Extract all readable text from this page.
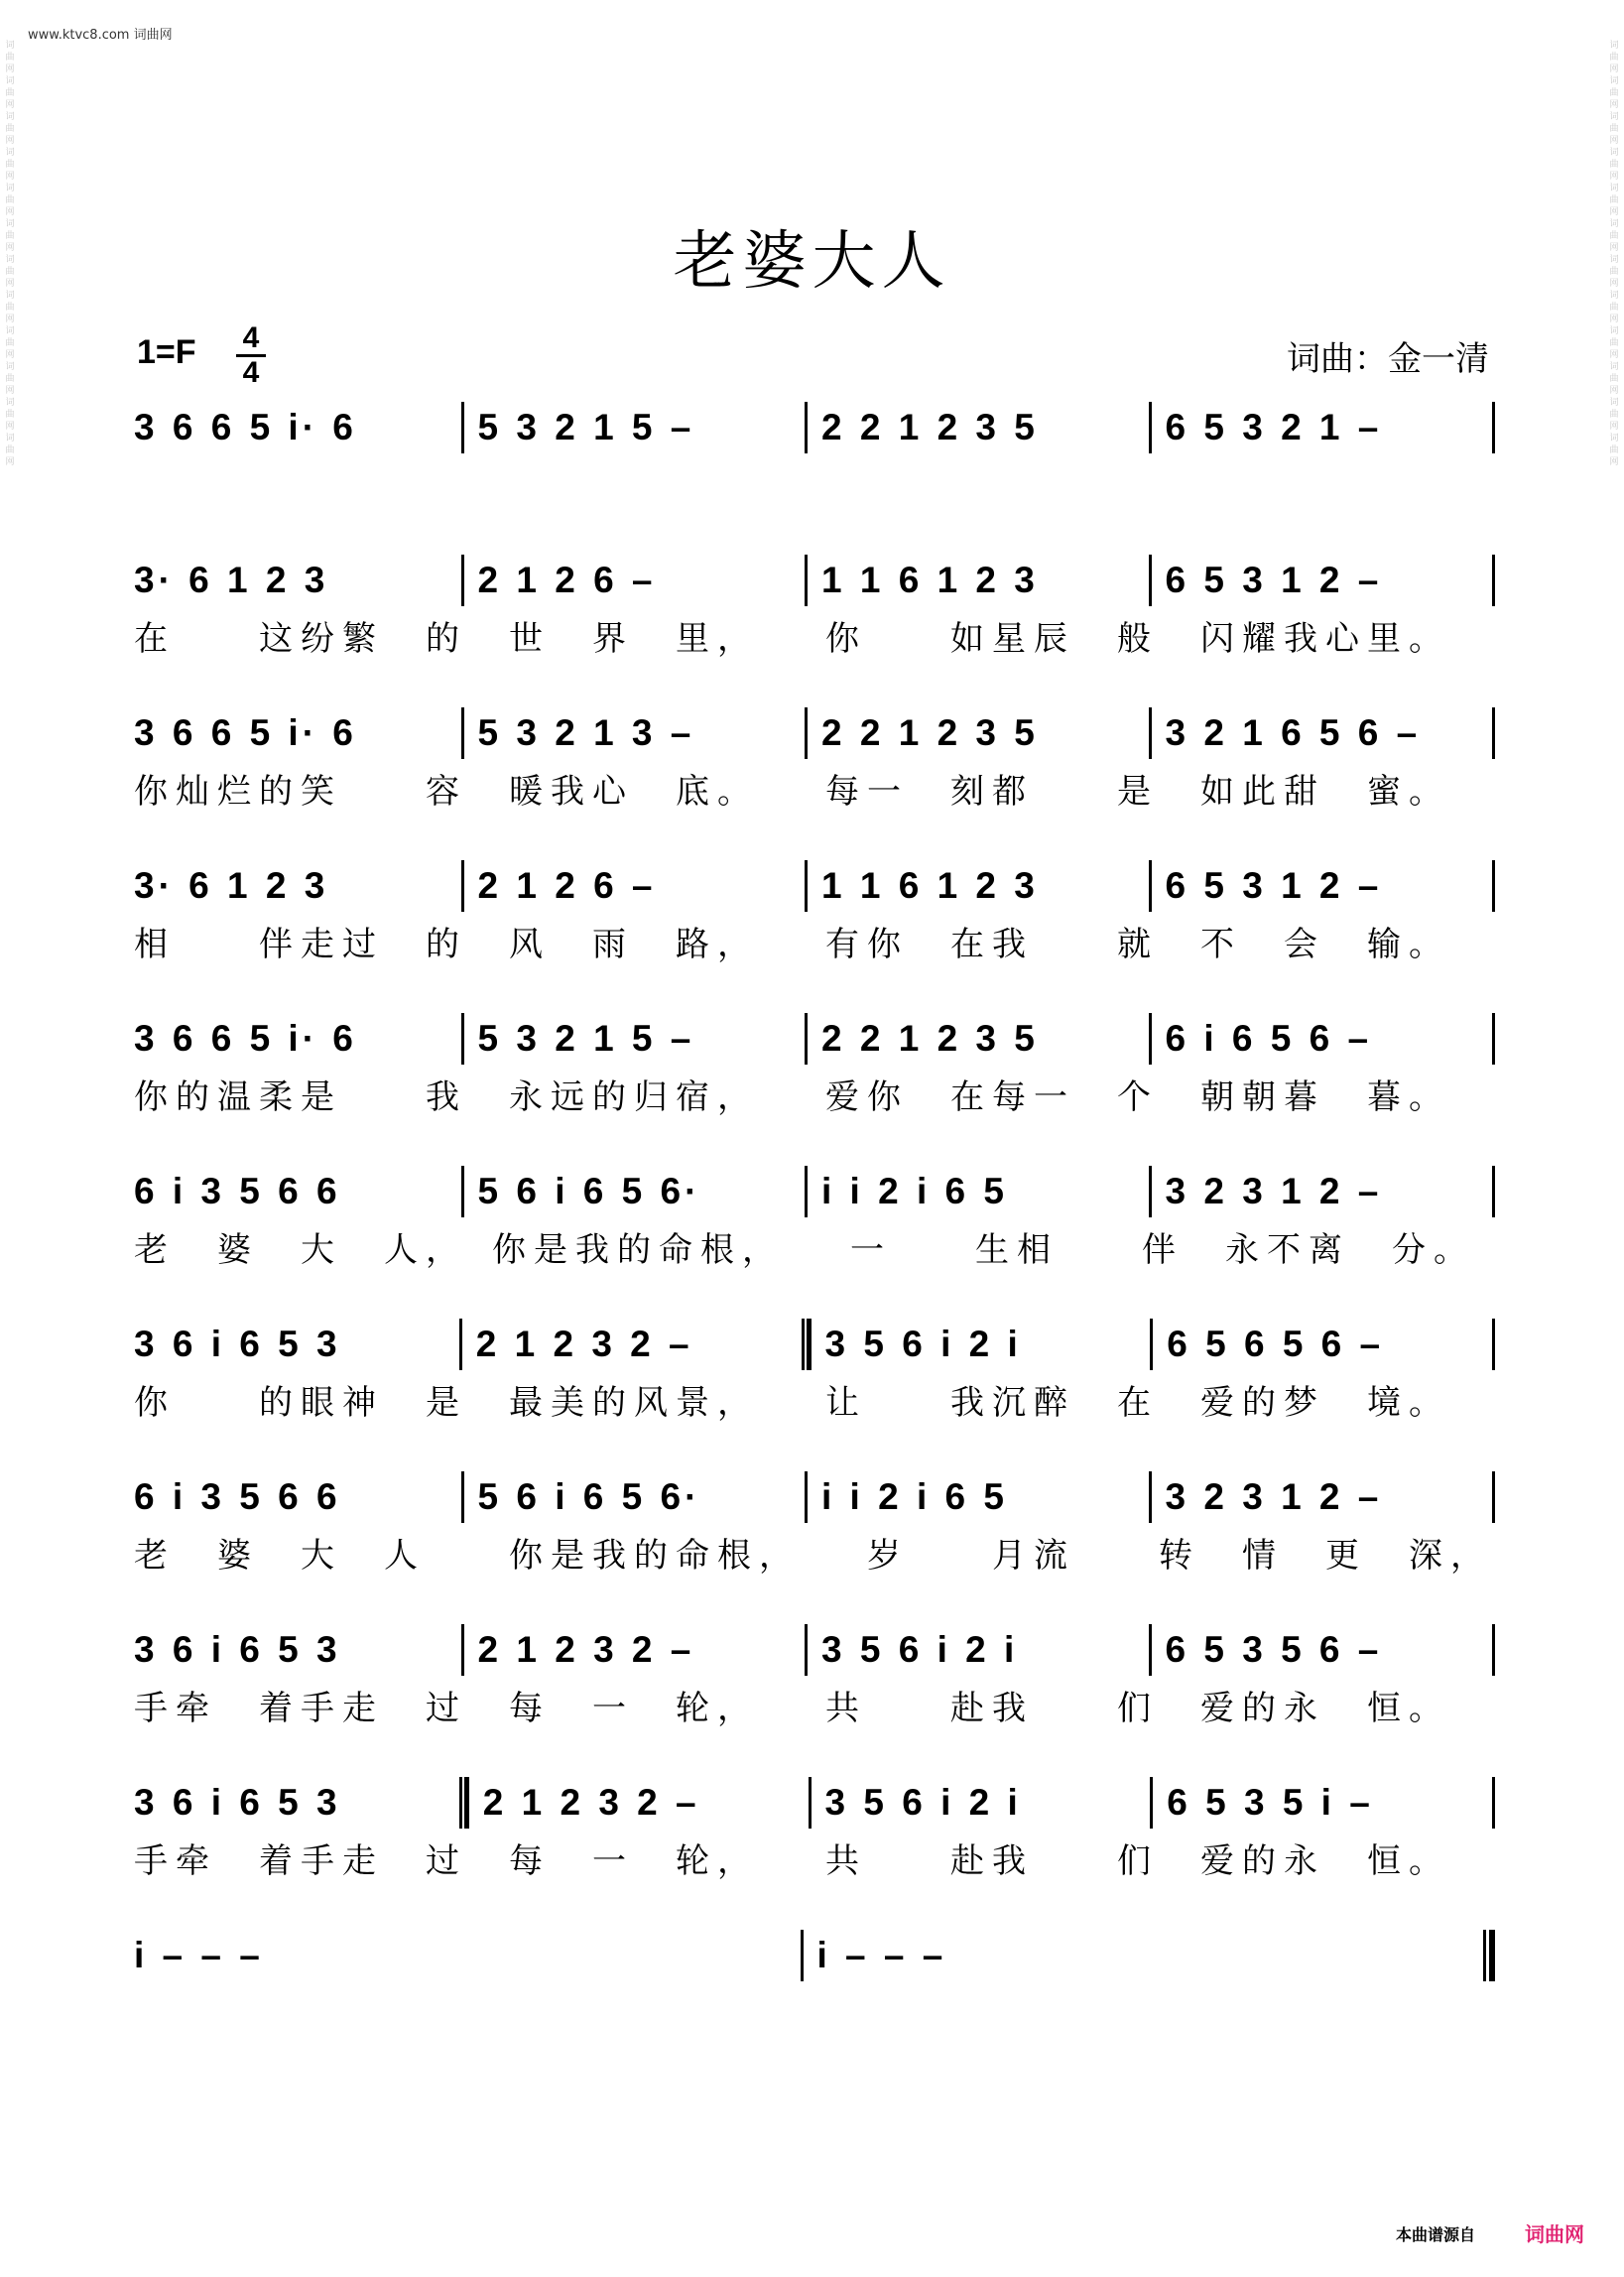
www.ktvc8.com 词曲网
词曲网
词曲网
词曲网
词曲网
词曲网
词曲网
词曲网
词曲网
词曲网
词曲网
词曲网
词曲网
词曲网
词曲网
词曲网
词曲网
词曲网
词曲网
词曲网
词曲网
词曲网
词曲网
词曲网
词曲网
老婆大人
1=F 4
4	词曲：金一清
3 6 6 5 i· 6	5 3 2 1 5 –	2 2 1 2 3 5	6 5 3 2 1 –
3· 6 1 2 3	2 1 2 6 –	1 1 6 1 2 3	6 5 3 1 2 –
在　　这纷繁　的　世　界　里，　　你　　如星辰　般　闪耀我心里。
3 6 6 5 i· 6	5 3 2 1 3 –	2 2 1 2 3 5	3 2 1 6 5 6 –
你灿烂的笑　　容　暖我心　底。　　每一　刻都　　是　如此甜　蜜。
3· 6 1 2 3	2 1 2 6 –	1 1 6 1 2 3	6 5 3 1 2 –
相　　伴走过　的　风　雨　路，　　有你　在我　　就　不　会　输。
3 6 6 5 i· 6	5 3 2 1 5 –	2 2 1 2 3 5	6 i 6 5 6 –
你的温柔是　　我　永远的归宿，　　爱你　在每一　个　朝朝暮　暮。
6 i 3 5 6 6	5 6 i 6 5 6·	i i 2 i 6 5	3 2 3 1 2 –
老　婆　大　人，　你是我的命根，　　一　　生相　　伴　永不离　分。
3 6 i 6 5 3	2 1 2 3 2 –	3 5 6 i 2 i	6 5 6 5 6 –
你　　的眼神　是　最美的风景，　　让　　我沉醉　在　爱的梦　境。
6 i 3 5 6 6	5 6 i 6 5 6·	i i 2 i 6 5	3 2 3 1 2 –
老　婆　大　人　　你是我的命根，　　岁　　月流　　转　情　更　深，
3 6 i 6 5 3	2 1 2 3 2 –	3 5 6 i 2 i	6 5 3 5 6 –
手牵　着手走　过　每　一　轮，　　共　　赴我　　们　爱的永　恒。
3 6 i 6 5 3	2 1 2 3 2 –	3 5 6 i 2 i	6 5 3 5 i –
手牵　着手走　过　每　一　轮，　　共　　赴我　　们　爱的永　恒。
i – – –	i – – –
本曲谱源自	词曲网
